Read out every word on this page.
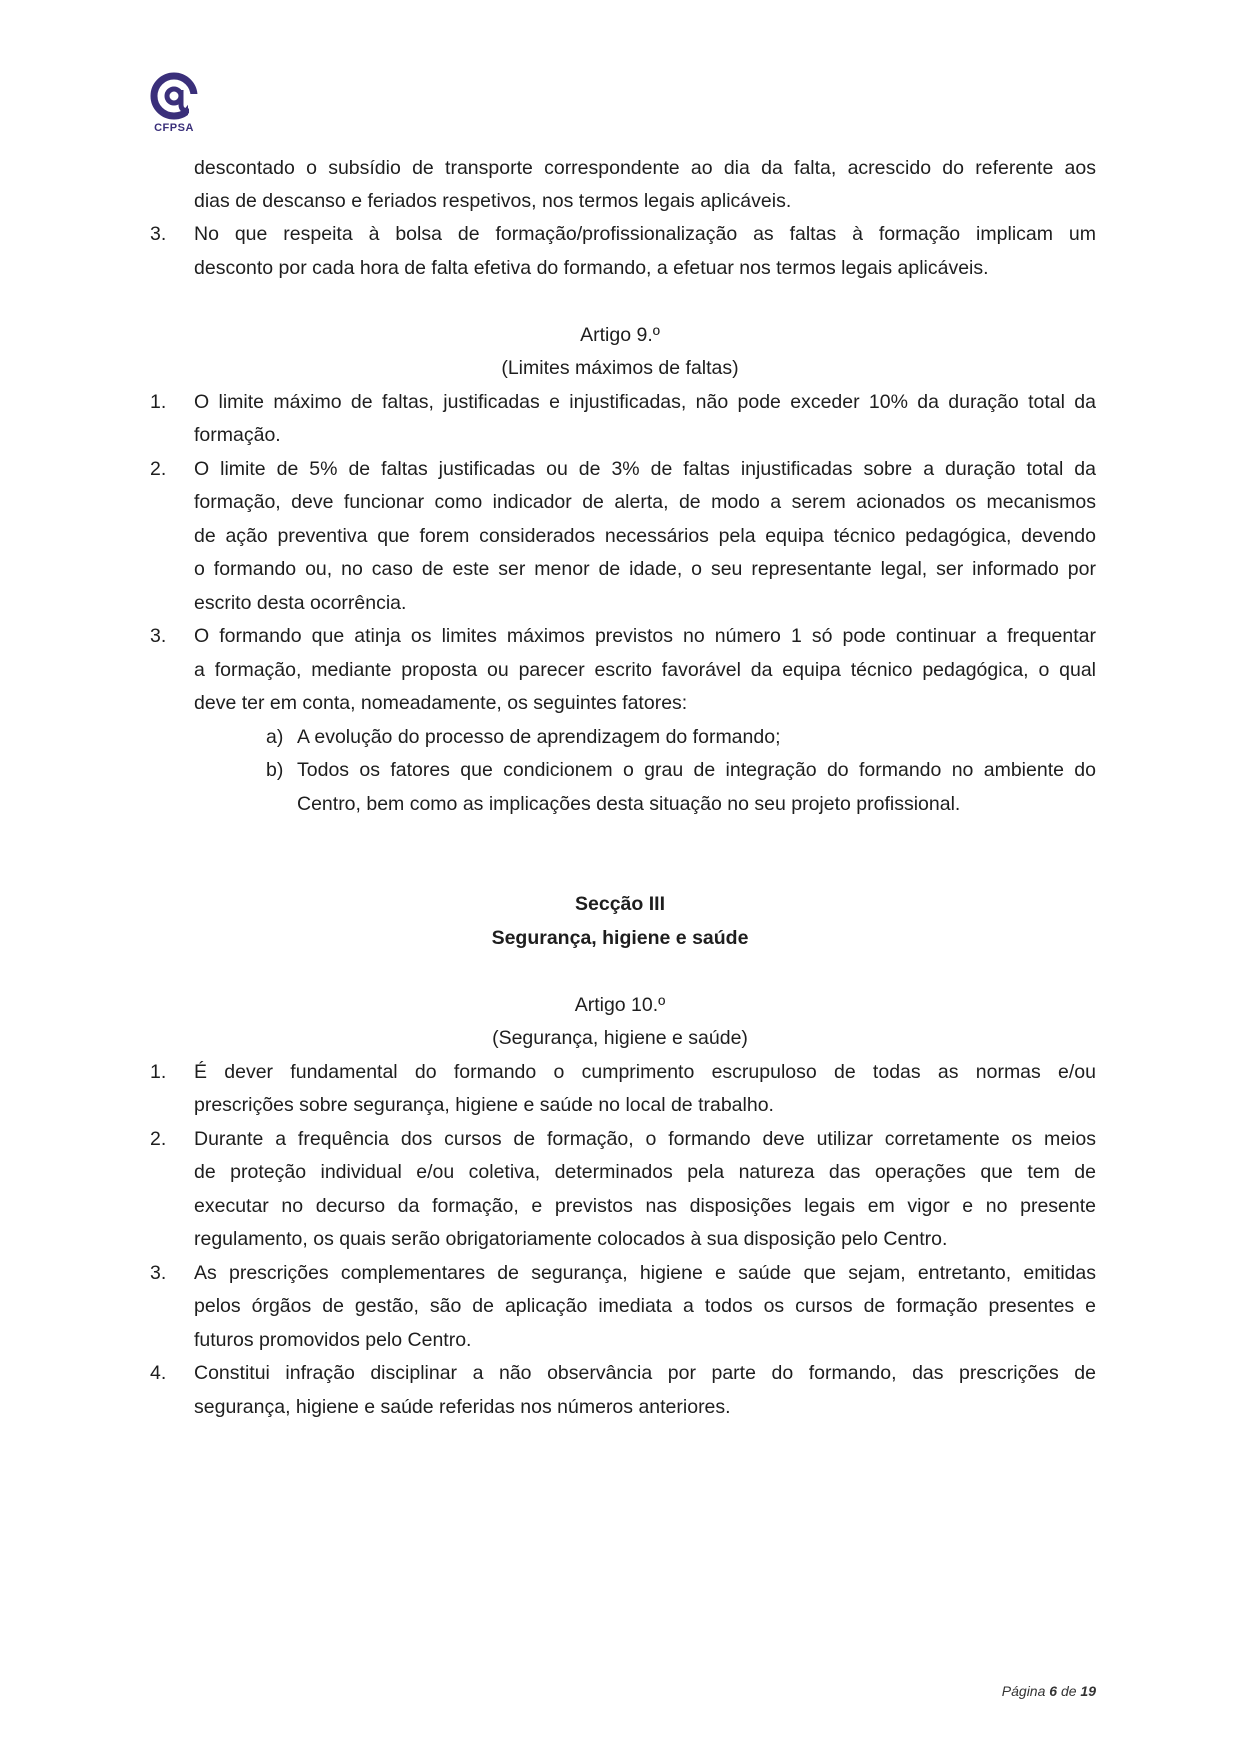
CFPSA
descontado o subsídio de transporte correspondente ao dia da falta, acrescido do referente aos
dias de descanso e feriados respetivos, nos termos legais aplicáveis.
3. No que respeita à bolsa de formação/profissionalização as faltas à formação implicam um
desconto por cada hora de falta efetiva do formando, a efetuar nos termos legais aplicáveis.
Artigo 9.º
(Limites máximos de faltas)
1. O limite máximo de faltas, justificadas e injustificadas, não pode exceder 10% da duração total da
formação.
2. O limite de 5% de faltas justificadas ou de 3% de faltas injustificadas sobre a duração total da
formação, deve funcionar como indicador de alerta, de modo a serem acionados os mecanismos
de ação preventiva que forem considerados necessários pela equipa técnico pedagógica, devendo
o formando ou, no caso de este ser menor de idade, o seu representante legal, ser informado por
escrito desta ocorrência.
3. O formando que atinja os limites máximos previstos no número 1 só pode continuar a frequentar
a formação, mediante proposta ou parecer escrito favorável da equipa técnico pedagógica, o qual
deve ter em conta, nomeadamente, os seguintes fatores:
a) A evolução do processo de aprendizagem do formando;
b) Todos os fatores que condicionem o grau de integração do formando no ambiente do
Centro, bem como as implicações desta situação no seu projeto profissional.
Secção III
Segurança, higiene e saúde
Artigo 10.º
(Segurança, higiene e saúde)
1. É dever fundamental do formando o cumprimento escrupuloso de todas as normas e/ou
prescrições sobre segurança, higiene e saúde no local de trabalho.
2. Durante a frequência dos cursos de formação, o formando deve utilizar corretamente os meios
de proteção individual e/ou coletiva, determinados pela natureza das operações que tem de
executar no decurso da formação, e previstos nas disposições legais em vigor e no presente
regulamento, os quais serão obrigatoriamente colocados à sua disposição pelo Centro.
3. As prescrições complementares de segurança, higiene e saúde que sejam, entretanto, emitidas
pelos órgãos de gestão, são de aplicação imediata a todos os cursos de formação presentes e
futuros promovidos pelo Centro.
4. Constitui infração disciplinar a não observância por parte do formando, das prescrições de
segurança, higiene e saúde referidas nos números anteriores.
Página 6 de 19
